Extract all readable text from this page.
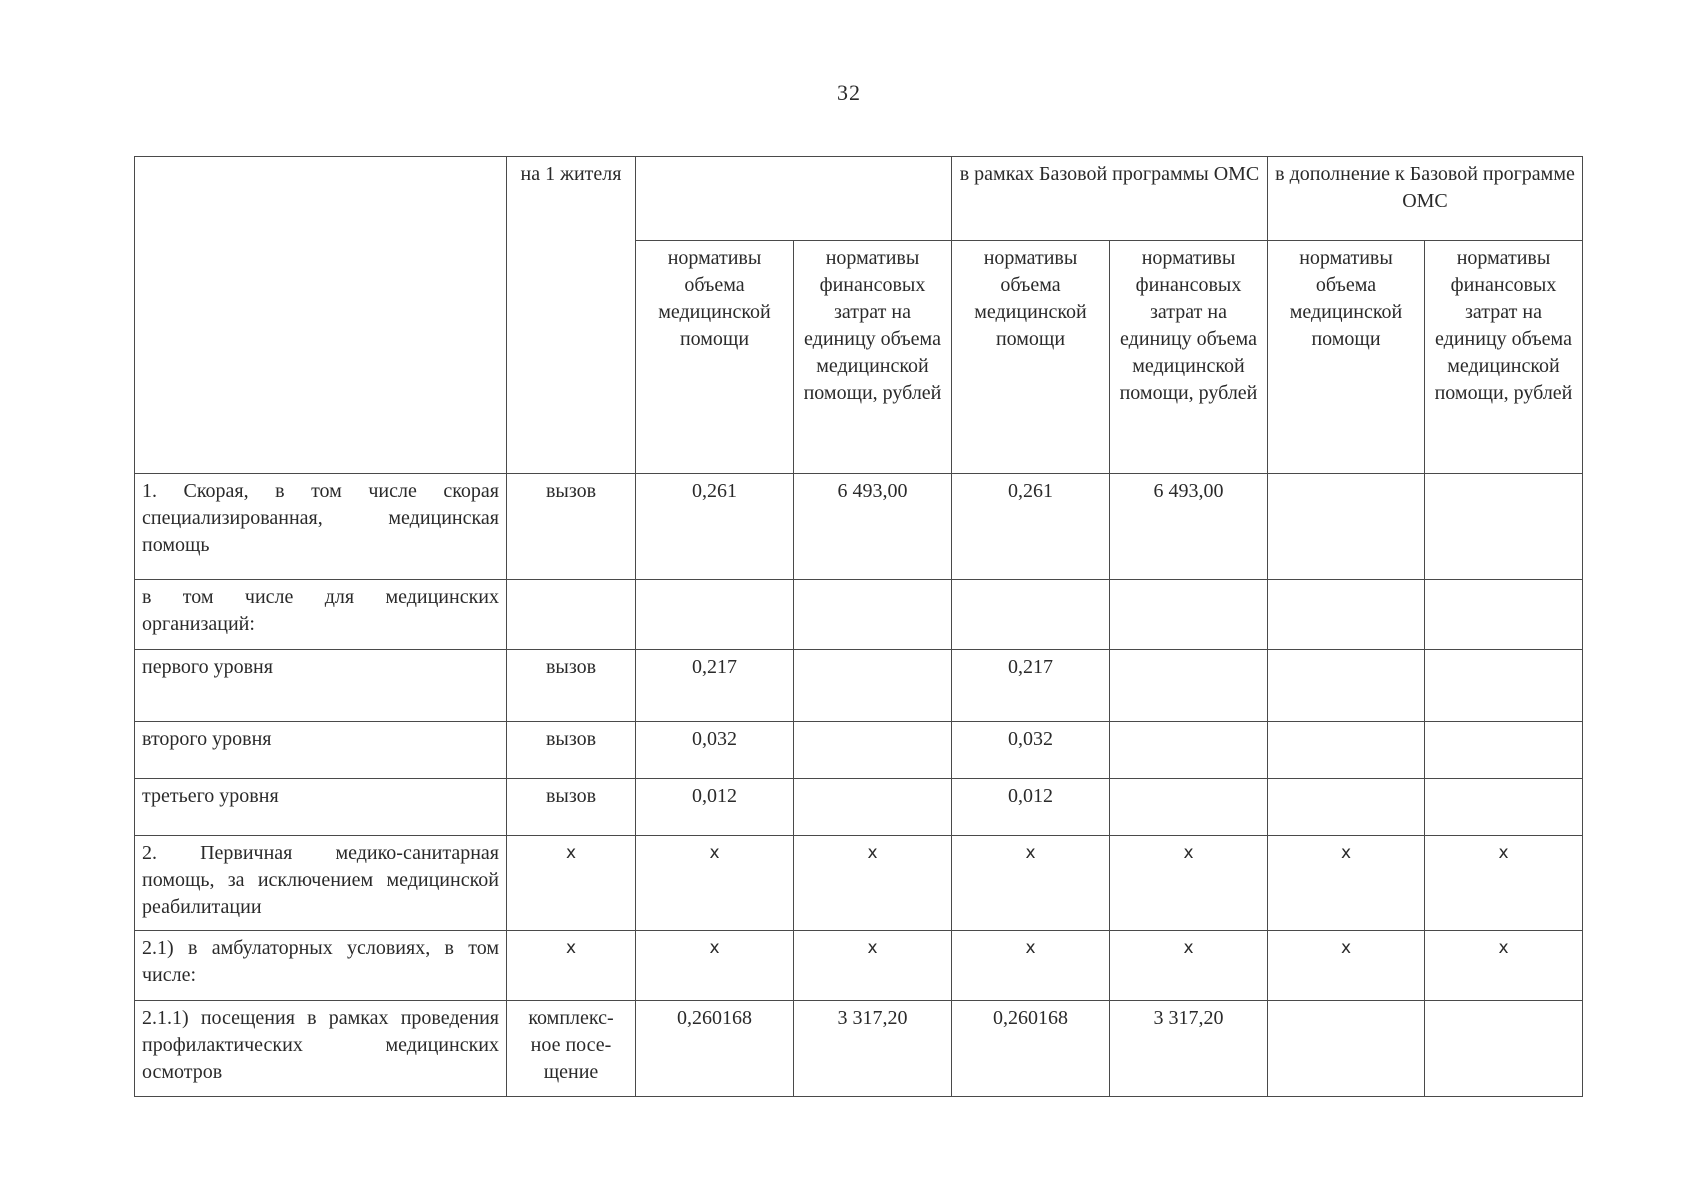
32
	на 1 жителя			в рамках Базовой программы ОМС		в дополнение к Базовой программе ОМС	
		нормативы объема медицинской помощи	нормативы финансовых затрат на единицу объема медицинской помощи, рублей	нормативы объема медицинской помощи	нормативы финансовых затрат на единицу объема медицинской помощи, рублей	нормативы объема медицинской помощи	нормативы финансовых затрат на единицу объема медицинской помощи, рублей
1. Скорая, в том числе скорая специализированная, медицинская помощь	вызов	0,261	6 493,00	0,261	6 493,00		
в том числе для медицинских организаций:							
первого уровня	вызов	0,217		0,217			
второго уровня	вызов	0,032		0,032			
третьего уровня	вызов	0,012		0,012			
2. Первичная медико-санитарная помощь, за исключением медицинской реабилитации	х	х	х	х	х	х	х
2.1) в амбулаторных условиях, в том числе:	х	х	х	х	х	х	х
2.1.1) посещения в рамках проведения профилактических медицинских осмотров	комплекс-ное посе-щение	0,260168	3 317,20	0,260168	3 317,20		
